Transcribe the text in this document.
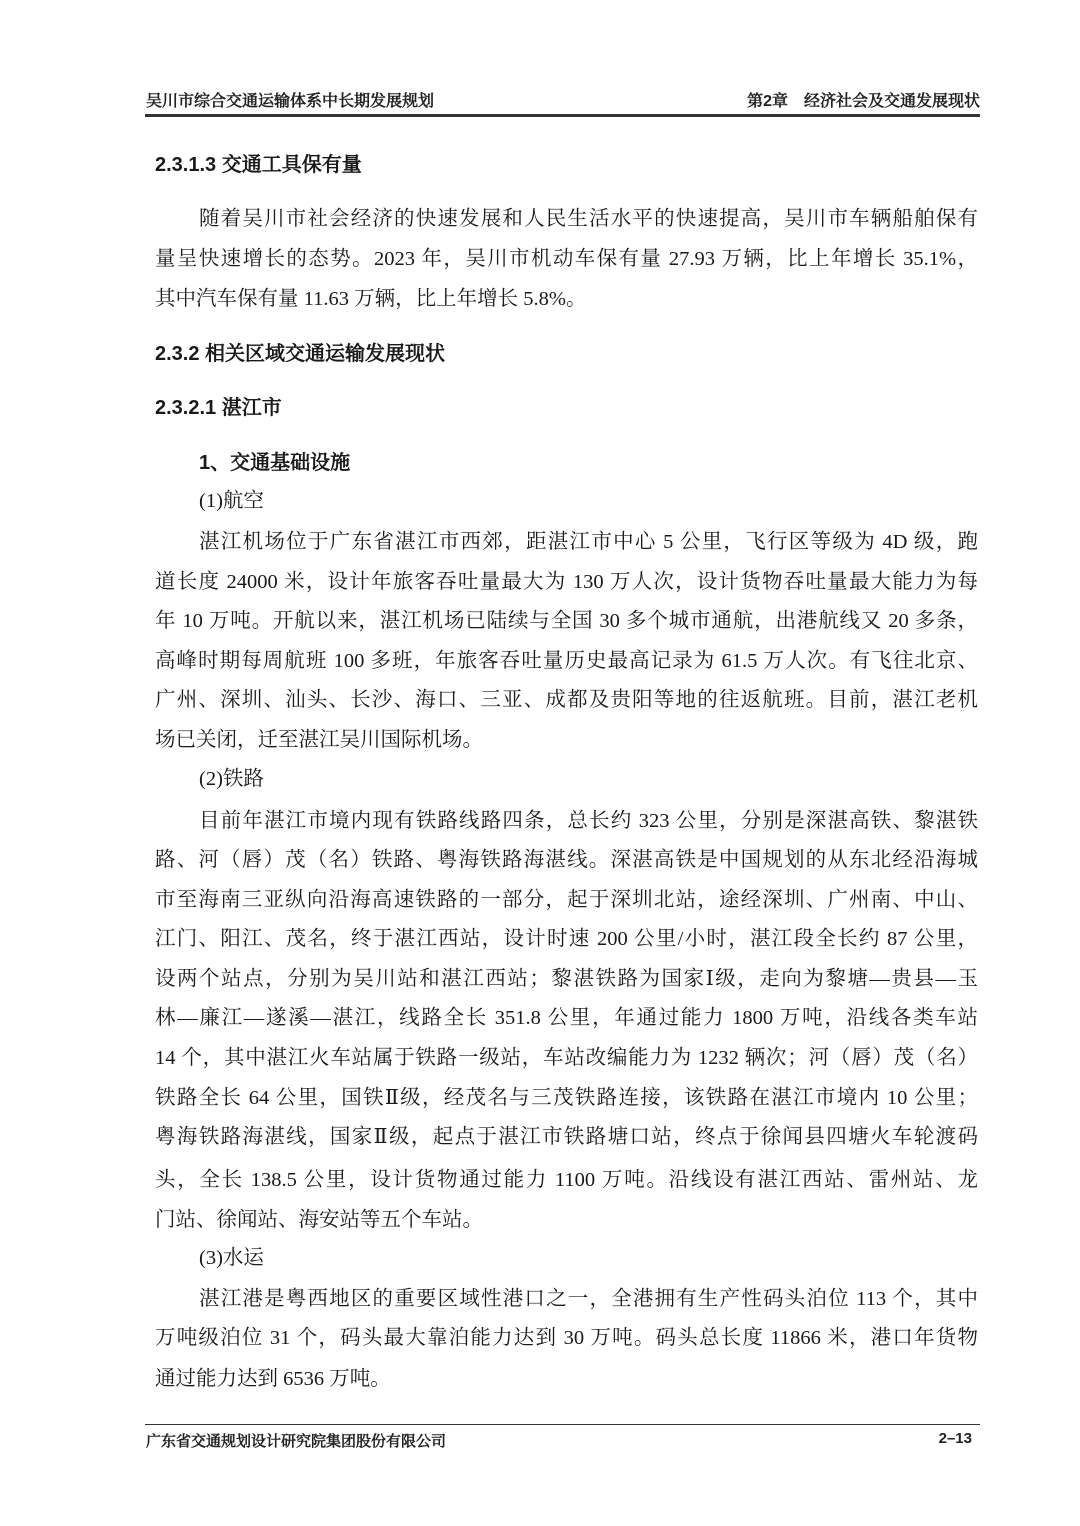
吴川市综合交通运输体系中长期发展规划	第2章　经济社会及交通发展现状
2.3.1.3 交通工具保有量
随着吴川市社会经济的快速发展和人民生活水平的快速提高，吴川市车辆船舶保有
量呈快速增长的态势。2023 年，吴川市机动车保有量 27.93 万辆，比上年增长 35.1%，
其中汽车保有量 11.63 万辆，比上年增长 5.8%。
2.3.2 相关区域交通运输发展现状
2.3.2.1 湛江市
1、交通基础设施
(1)航空
湛江机场位于广东省湛江市西郊，距湛江市中心 5 公里，飞行区等级为 4D 级，跑
道长度 24000 米，设计年旅客吞吐量最大为 130 万人次，设计货物吞吐量最大能力为每
年 10 万吨。开航以来，湛江机场已陆续与全国 30 多个城市通航，出港航线又 20 多条，
高峰时期每周航班 100 多班，年旅客吞吐量历史最高记录为 61.5 万人次。有飞往北京、
广州、深圳、汕头、长沙、海口、三亚、成都及贵阳等地的往返航班。目前，湛江老机
场已关闭，迁至湛江吴川国际机场。
(2)铁路
目前年湛江市境内现有铁路线路四条，总长约 323 公里，分别是深湛高铁、黎湛铁
路、河（唇）茂（名）铁路、粤海铁路海湛线。深湛高铁是中国规划的从东北经沿海城
市至海南三亚纵向沿海高速铁路的一部分，起于深圳北站，途经深圳、广州南、中山、
江门、阳江、茂名，终于湛江西站，设计时速 200 公里/小时，湛江段全长约 87 公里，
设两个站点，分别为吴川站和湛江西站；黎湛铁路为国家Ⅰ级，走向为黎塘—贵县—玉
林—廉江—遂溪—湛江，线路全长 351.8 公里，年通过能力 1800 万吨，沿线各类车站
14 个，其中湛江火车站属于铁路一级站，车站改编能力为 1232 辆次；河（唇）茂（名）
铁路全长 64 公里，国铁Ⅱ级，经茂名与三茂铁路连接，该铁路在湛江市境内 10 公里；
粤海铁路海湛线，国家Ⅱ级，起点于湛江市铁路塘口站，终点于徐闻县四塘火车轮渡码
头，全长 138.5 公里，设计货物通过能力 1100 万吨。沿线设有湛江西站、雷州站、龙
门站、徐闻站、海安站等五个车站。
(3)水运
湛江港是粤西地区的重要区域性港口之一，全港拥有生产性码头泊位 113 个，其中
万吨级泊位 31 个，码头最大靠泊能力达到 30 万吨。码头总长度 11866 米，港口年货物
通过能力达到 6536 万吨。
广东省交通规划设计研究院集团股份有限公司	2–13
